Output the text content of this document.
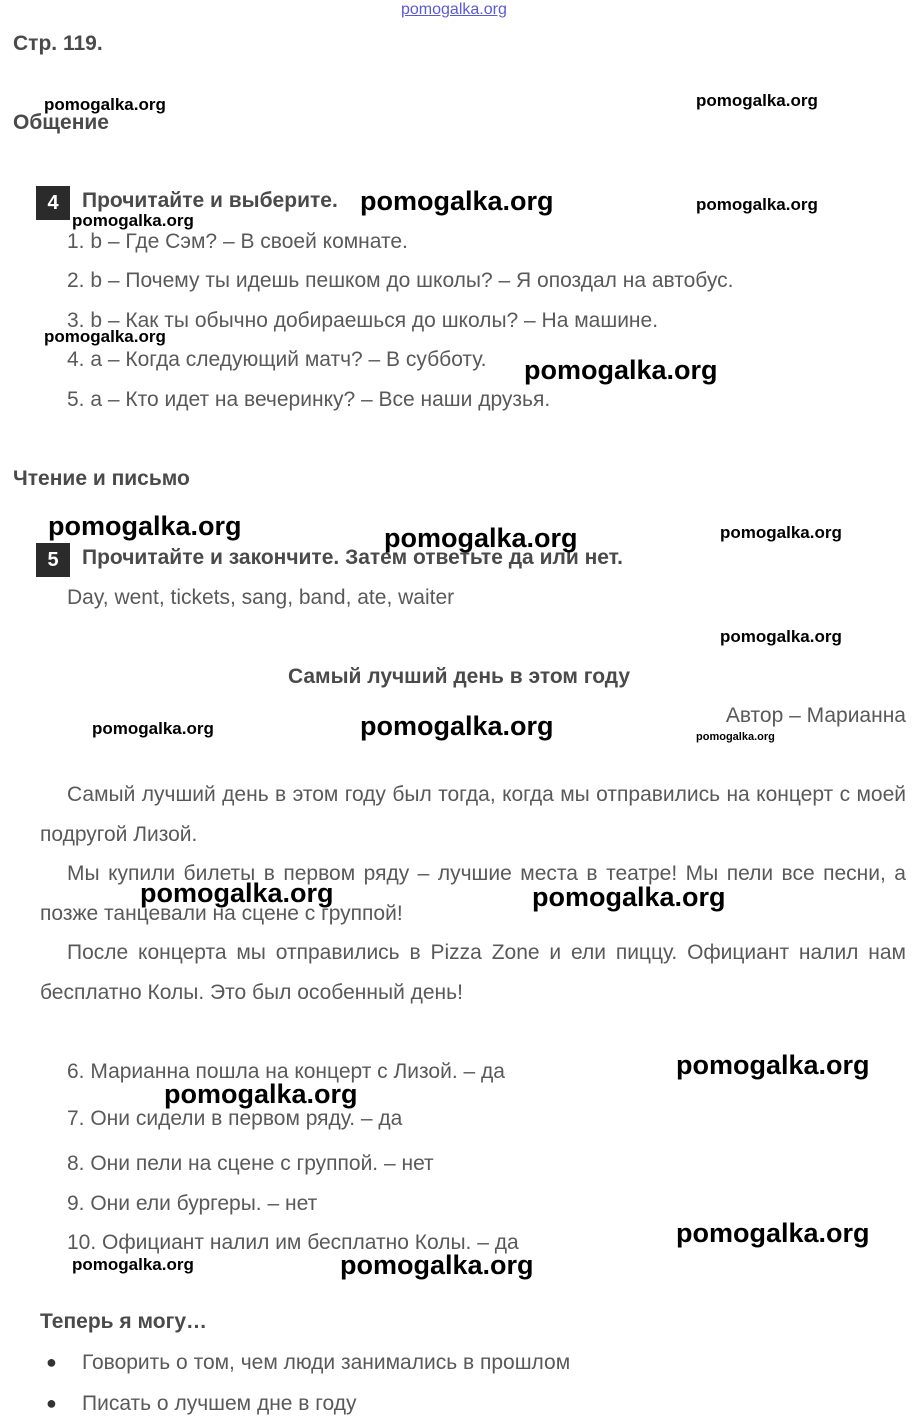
pomogalka.org
Стр. 119.
Общение
4	Прочитайте и выберите.
1. b – Где Сэм? – В своей комнате.
2. b – Почему ты идешь пешком до школы? – Я опоздал на автобус.
3. b – Как ты обычно добираешься до школы? – На машине.
4. a – Когда следующий матч? – В субботу.
5. a – Кто идет на вечеринку? – Все наши друзья.
Чтение и письмо
5	Прочитайте и закончите. Затем ответьте да или нет.
Day, went, tickets, sang, band, ate, waiter
Самый лучший день в этом году
Автор – Марианна
Самый лучший день в этом году был тогда, когда мы отправились на концерт с моей подругой Лизой.
Мы купили билеты в первом ряду – лучшие места в театре! Мы пели все песни, а позже танцевали на сцене с группой!
После концерта мы отправились в Pizza Zone и ели пиццу. Официант налил нам бесплатно Колы. Это был особенный день!
6. Марианна пошла на концерт с Лизой. – да
7. Они сидели в первом ряду. – да
8. Они пели на сцене с группой. – нет
9. Они ели бургеры. – нет
10. Официант налил им бесплатно Колы. – да
Теперь я могу…
● Говорить о том, чем люди занимались в прошлом
● Писать о лучшем дне в году
pomogalka.org	pomogalka.org
pomogalka.org	pomogalka.org
pomogalka.org
pomogalka.org
pomogalka.org
pomogalka.org	pomogalka.org	pomogalka.org
pomogalka.org
pomogalka.org	pomogalka.org	pomogalka.org
pomogalka.org	pomogalka.org
pomogalka.org
pomogalka.org
pomogalka.org
pomogalka.org	pomogalka.org
